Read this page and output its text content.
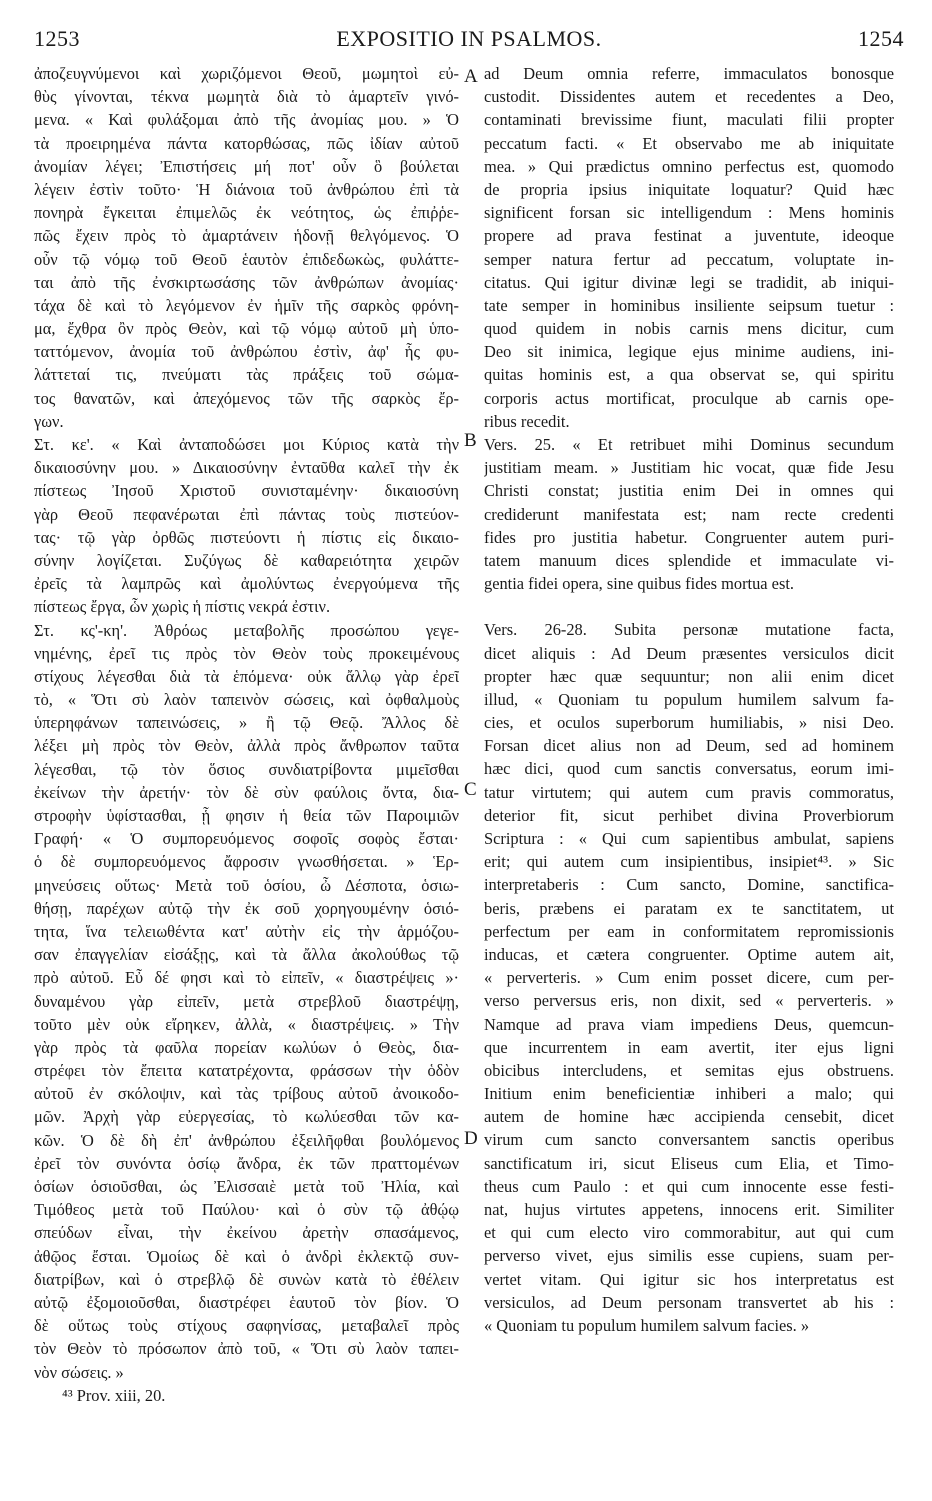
1253	EXPOSITIO IN PSALMOS.	1254
ἀποζευγνύμενοι καὶ χωριζόμενοι Θεοῦ, μωμητοὶ εὐ-
θὺς γίνονται, τέκνα μωμητὰ διὰ τὸ ἁμαρτεῖν γινό-
μενα. « Καὶ φυλάξομαι ἀπὸ τῆς ἀνομίας μου. » Ὁ
τὰ προειρημένα πάντα κατορθώσας, πῶς ἰδίαν αὐτοῦ
ἀνομίαν λέγει; Ἐπιστήσεις μή ποτ' οὖν ὃ βούλεται
λέγειν ἐστὶν τοῦτο· Ἡ διάνοια τοῦ ἀνθρώπου ἐπὶ τὰ
πονηρὰ ἔγκειται ἐπιμελῶς ἐκ νεότητος, ὡς ἐπιῤῥε-
πῶς ἔχειν πρὸς τὸ ἁμαρτάνειν ἡδονῇ θελγόμενος. Ὁ
οὖν τῷ νόμῳ τοῦ Θεοῦ ἑαυτὸν ἐπιδεδωκὼς, φυλάττε-
ται ἀπὸ τῆς ἐνσκιρτωσάσης τῶν ἀνθρώπων ἀνομίας·
τάχα δὲ καὶ τὸ λεγόμενον ἐν ἡμῖν τῆς σαρκὸς φρόνη-
μα, ἔχθρα ὂν πρὸς Θεὸν, καὶ τῷ νόμῳ αὐτοῦ μὴ ὑπο-
ταττόμενον, ἀνομία τοῦ ἀνθρώπου ἐστὶν, ἀφ' ἧς φυ-
λάττεταί τις, πνεύματι τὰς πράξεις τοῦ σώμα-
τος θανατῶν, καὶ ἀπεχόμενος τῶν τῆς σαρκὸς ἔρ-
γων.
Στ. κε'. « Καὶ ἀνταποδώσει μοι Κύριος κατὰ τὴν
δικαιοσύνην μου. » Δικαιοσύνην ἐνταῦθα καλεῖ τὴν ἐκ
πίστεως Ἰησοῦ Χριστοῦ συνισταμένην· δικαιοσύνη
γὰρ Θεοῦ πεφανέρωται ἐπὶ πάντας τοὺς πιστεύον-
τας· τῷ γὰρ ὀρθῶς πιστεύοντι ἡ πίστις εἰς δικαιο-
σύνην λογίζεται. Συζύγως δὲ καθαρειότητα χειρῶν
ἐρεῖς τὰ λαμπρῶς καὶ ἀμολύντως ἐνεργούμενα τῆς
πίστεως ἔργα, ὧν χωρὶς ἡ πίστις νεκρά ἐστιν.
Στ. κς'-κη'. Ἀθρόως μεταβολῆς προσώπου γεγε-
νημένης, ἐρεῖ τις πρὸς τὸν Θεὸν τοὺς προκειμένους
στίχους λέγεσθαι διὰ τὰ ἑπόμενα· οὐκ ἄλλῳ γὰρ ἐρεῖ
τὸ, « Ὅτι σὺ λαὸν ταπεινὸν σώσεις, καὶ ὀφθαλμοὺς
ὑπερηφάνων ταπεινώσεις, » ἢ τῷ Θεῷ. Ἄλλος δὲ
λέξει μὴ πρὸς τὸν Θεὸν, ἀλλὰ πρὸς ἄνθρωπον ταῦτα
λέγεσθαι, τῷ τὸν ὅσιος συνδιατρίβοντα μιμεῖσθαι
ἐκείνων τὴν ἀρετήν· τὸν δὲ σὺν φαύλοις ὄντα, δια-
στροφὴν ὑφίστασθαι, ᾗ φησιν ἡ θεία τῶν Παροιμιῶν
Γραφή· « Ὁ συμπορευόμενος σοφοῖς σοφὸς ἔσται·
ὁ δὲ συμπορευόμενος ἄφροσιν γνωσθήσεται. » Ἑρ-
μηνεύσεις οὕτως· Μετὰ τοῦ ὁσίου, ὦ Δέσποτα, ὁσιω-
θήσῃ, παρέχων αὐτῷ τὴν ἐκ σοῦ χορηγουμένην ὁσιό-
τητα, ἵνα τελειωθέντα κατ' αὐτὴν εἰς τὴν ἁρμόζου-
σαν ἐπαγγελίαν εἰσάξῃς, καὶ τὰ ἄλλα ἀκολούθως τῷ
πρὸ αὐτοῦ. Εὖ δέ φησι καὶ τὸ εἰπεῖν, « διαστρέψεις »·
δυναμένου γὰρ εἰπεῖν, μετὰ στρεβλοῦ διαστρέψῃ,
τοῦτο μὲν οὐκ εἴρηκεν, ἀλλὰ, « διαστρέψεις. » Τὴν
γὰρ πρὸς τὰ φαῦλα πορείαν κωλύων ὁ Θεὸς, δια-
στρέφει τὸν ἔπειτα κατατρέχοντα, φράσσων τὴν ὁδὸν
αὐτοῦ ἐν σκόλοψιν, καὶ τὰς τρίβους αὐτοῦ ἀνοικοδο-
μῶν. Ἀρχὴ γὰρ εὐεργεσίας, τὸ κωλύεσθαι τῶν κα-
κῶν. Ὁ δὲ δὴ ἐπ' ἀνθρώπου ἐξειλῆφθαι βουλόμενος
ἐρεῖ τὸν συνόντα ὁσίῳ ἄνδρα, ἐκ τῶν πραττομένων
ὁσίων ὁσιοῦσθαι, ὡς Ἐλισσαιὲ μετὰ τοῦ Ἠλία, καὶ
Τιμόθεος μετὰ τοῦ Παύλου· καὶ ὁ σὺν τῷ ἀθῴῳ
σπεύδων εἶναι, τὴν ἐκείνου ἀρετὴν σπασάμενος,
ἀθῷος ἔσται. Ὁμοίως δὲ καὶ ὁ ἀνδρὶ ἐκλεκτῷ συν-
διατρίβων, καὶ ὁ στρεβλῷ δὲ συνὼν κατὰ τὸ ἐθέλειν
αὐτῷ ἐξομοιοῦσθαι, διαστρέφει ἑαυτοῦ τὸν βίον. Ὁ
δὲ οὕτως τοὺς στίχους σαφηνίσας, μεταβαλεῖ πρὸς
τὸν Θεὸν τὸ πρόσωπον ἀπὸ τοῦ, « Ὅτι σὺ λαὸν ταπει-
νὸν σώσεις. »
⁴³ Prov. xiii, 20.
ad Deum omnia referre, immaculatos bonosque
custodit. Dissidentes autem et recedentes a Deo,
contaminati brevissime fiunt, maculati filii propter
peccatum facti. « Et observabo me ab iniquitate
mea. » Qui prædictus omnino perfectus est, quomodo
de propria ipsius iniquitate loquatur? Quid hæc
significent forsan sic intelligendum : Mens hominis
propere ad prava festinat a juventute, ideoque
semper natura fertur ad peccatum, voluptate in-
citatus. Qui igitur divinæ legi se tradidit, ab iniqui-
tate semper in hominibus insiliente seipsum tuetur :
quod quidem in nobis carnis mens dicitur, cum
Deo sit inimica, legique ejus minime audiens, ini-
quitas hominis est, a qua observat se, qui spiritu
corporis actus mortificat, proculque ab carnis ope-
ribus recedit.
Vers. 25. « Et retribuet mihi Dominus secundum
justitiam meam. » Justitiam hic vocat, quæ fide Jesu
Christi constat; justitia enim Dei in omnes qui
crediderunt manifestata est; nam recte credenti
fides pro justitia habetur. Congruenter autem puri-
tatem manuum dices splendide et immaculate vi-
gentia fidei opera, sine quibus fides mortua est.
Vers. 26-28. Subita personæ mutatione facta,
dicet aliquis : Ad Deum præsentes versiculos dicit
propter hæc quæ sequuntur; non alii enim dicet
illud, « Quoniam tu populum humilem salvum fa-
cies, et oculos superborum humiliabis, » nisi Deo.
Forsan dicet alius non ad Deum, sed ad hominem
hæc dici, quod cum sanctis conversatus, eorum imi-
tatur virtutem; qui autem cum pravis commoratus,
deterior fit, sicut perhibet divina Proverbiorum
Scriptura : « Qui cum sapientibus ambulat, sapiens
erit; qui autem cum insipientibus, insipiet⁴³. » Sic
interpretaberis : Cum sancto, Domine, sanctifica-
beris, præbens ei paratam ex te sanctitatem, ut
perfectum per eam in conformitatem repromissionis
inducas, et cætera congruenter. Optime autem ait,
« perverteris. » Cum enim posset dicere, cum per-
verso perversus eris, non dixit, sed « perverteris. »
Namque ad prava viam impediens Deus, quemcun-
que incurrentem in eam avertit, iter ejus ligni
obicibus intercludens, et semitas ejus obstruens.
Initium enim beneficientiæ inhiberi a malo; qui
autem de homine hæc accipienda censebit, dicet
virum cum sancto conversantem sanctis operibus
sanctificatum iri, sicut Eliseus cum Elia, et Timo-
theus cum Paulo : et qui cum innocente esse festi-
nat, hujus virtutes appetens, innocens erit. Similiter
et qui cum electo viro commorabitur, aut qui cum
perverso vivet, ejus similis esse cupiens, suam per-
vertet vitam. Qui igitur sic hos interpretatus est
versiculos, ad Deum personam transvertet ab his :
« Quoniam tu populum humilem salvum facies. »
A
B
C
D
